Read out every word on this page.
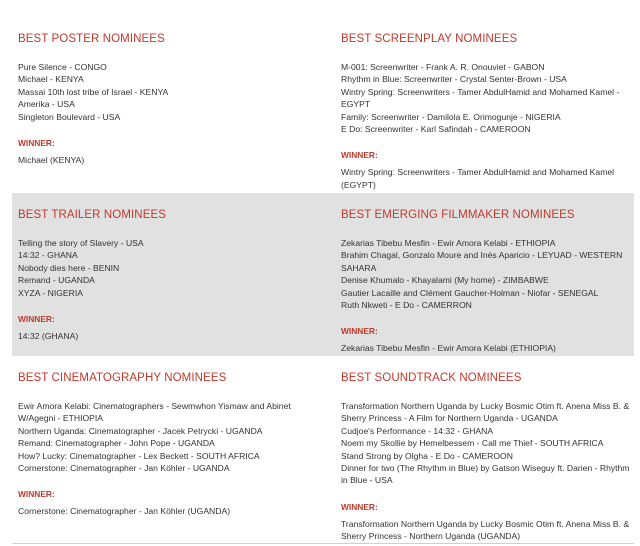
BEST POSTER NOMINEES
Pure Silence - CONGO
Michael - KENYA
Massai 10th lost tribe of Israel - KENYA
Amerika - USA
Singleton Boulevard - USA
WINNER:
Michael (KENYA)
BEST SCREENPLAY NOMINEES
M-001: Screenwriter - Frank A. R. Onouviet - GABON
Rhythm in Blue: Screenwriter - Crystal Senter-Brown - USA
Wintry Spring: Screenwriters - Tamer AbdulHamid and Mohamed Kamel - EGYPT
Family: Screenwriter - Damilola E. Orimogunje - NIGERIA
E Do: Screenwriter - Karl Safindah - CAMEROON
WINNER:
Wintry Spring: Screenwriters - Tamer AbdulHamid and Mohamed Kamel (EGYPT)
BEST TRAILER NOMINEES
Telling the story of Slavery - USA
14:32 - GHANA
Nobody dies here - BENIN
Remand - UGANDA
XYZA - NIGERIA
WINNER:
14:32 (GHANA)
BEST EMERGING FILMMAKER NOMINEES
Zekarias Tibebu Mesfin - Ewir Amora Kelabi - ETHIOPIA
Brahim Chagal, Gonzalo Moure and Inés Aparicio - LEYUAD - WESTERN SAHARA
Denise Khumalo - Khayalami (My home) - ZIMBABWE
Gautier Lacaille and Clément Gaucher-Holman - Niofar - SENEGAL
Ruth Nkweti - E Do - CAMERRON
WINNER:
Zekarias Tibebu Mesfin - Ewir Amora Kelabi (ETHIOPIA)
BEST CINEMATOGRAPHY NOMINEES
Ewir Amora Kelabi: Cinematographers - Sewmwhon Yismaw and Abinet W/Agegni - ETHIOPIA
Northern Uganda: Cinematographer - Jacek Petrycki - UGANDA
Remand: Cinematographer - John Pope - UGANDA
How? Lucky: Cinematographer - Lex Beckett - SOUTH AFRICA
Cornerstone: Cinematographer - Jan Köhler - UGANDA
WINNER:
Cornerstone: Cinematographer - Jan Köhler (UGANDA)
BEST SOUNDTRACK NOMINEES
Transformation Northern Uganda by Lucky Bosmic Otim ft. Anena Miss B. & Sherry Princess - A Film for Northern Uganda - UGANDA
Cudjoe's Performance - 14:32 - GHANA
Noem my Skollie by Hemelbessem - Call me Thief - SOUTH AFRICA
Stand Strong by Olgha - E Do - CAMEROON
Dinner for two (The Rhythm in Blue) by Gatson Wiseguy ft. Darien - Rhythm in Blue - USA
WINNER:
Transformation Northern Uganda by Lucky Bosmic Otim ft. Anena Miss B. & Sherry Princess - Northern Uganda (UGANDA)
